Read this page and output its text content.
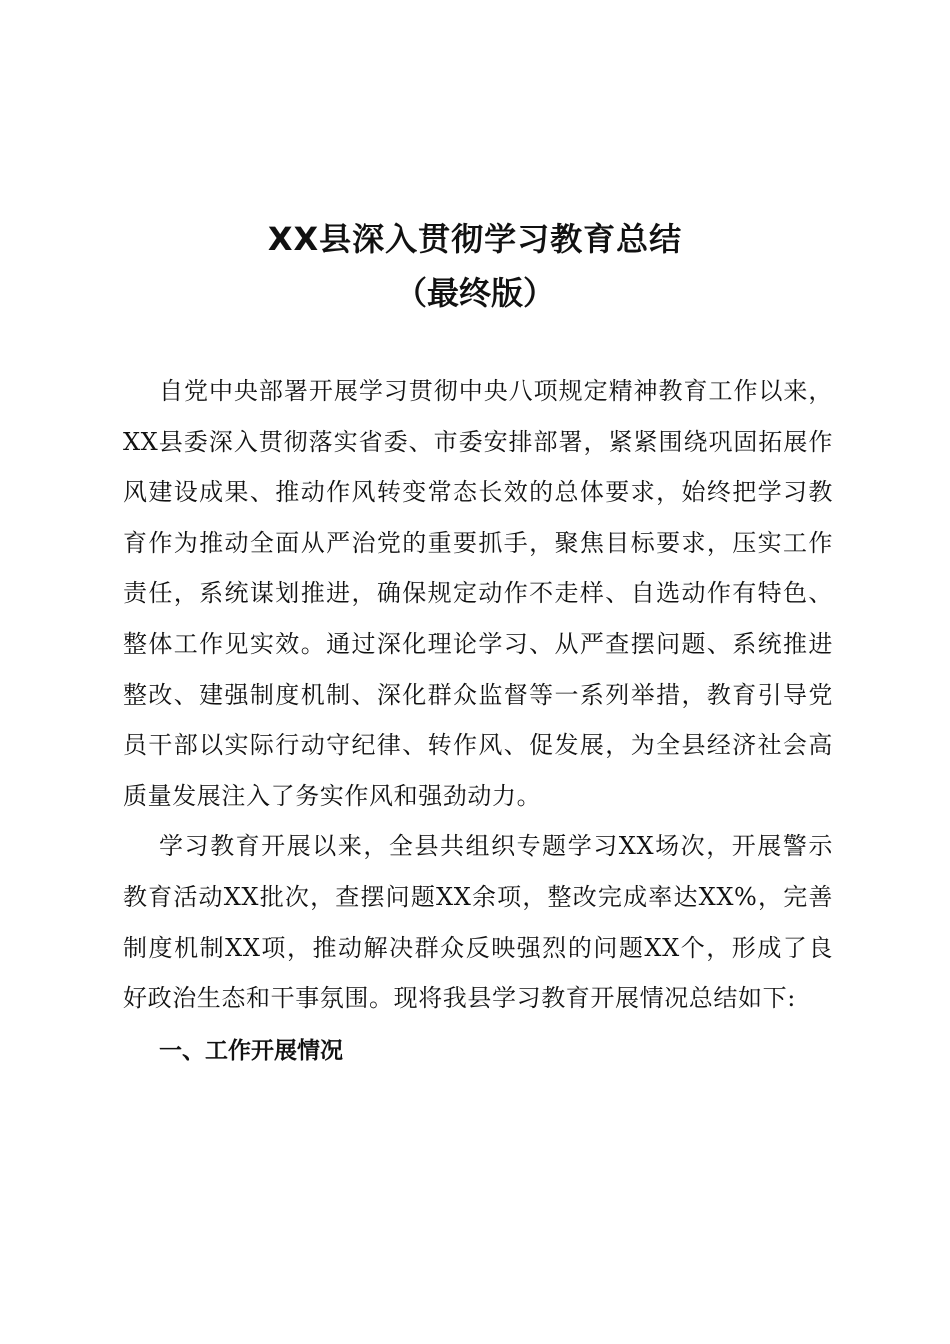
XX县深入贯彻学习教育总结
（最终版）

自党中央部署开展学习贯彻中央八项规定精神教育工作以来，XX县委深入贯彻落实省委、市委安排部署，紧紧围绕巩固拓展作风建设成果、推动作风转变常态长效的总体要求，始终把学习教育作为推动全面从严治党的重要抓手，聚焦目标要求，压实工作责任，系统谋划推进，确保规定动作不走样、自选动作有特色、整体工作见实效。通过深化理论学习、从严查摆问题、系统推进整改、建强制度机制、深化群众监督等一系列举措，教育引导党员干部以实际行动守纪律、转作风、促发展，为全县经济社会高质量发展注入了务实作风和强劲动力。

学习教育开展以来，全县共组织专题学习XX场次，开展警示教育活动XX批次，查摆问题XX余项，整改完成率达XX%，完善制度机制XX项，推动解决群众反映强烈的问题XX个，形成了良好政治生态和干事氛围。现将我县学习教育开展情况总结如下:

一、工作开展情况
